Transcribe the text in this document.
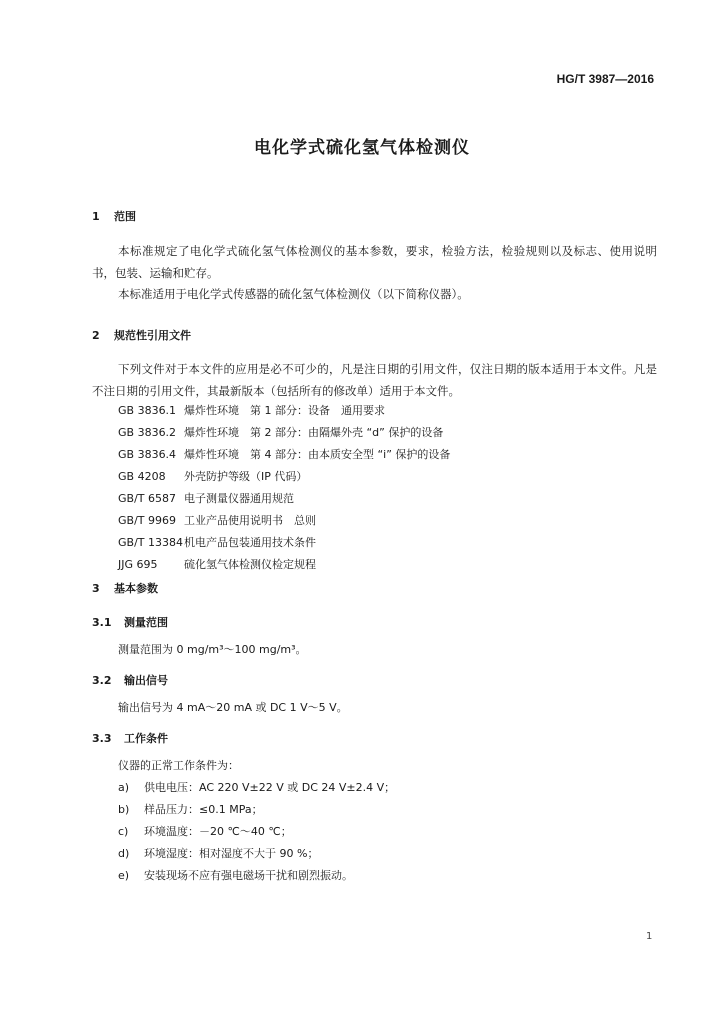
HG/T 3987—2016
电化学式硫化氢气体检测仪
1 范围

本标准规定了电化学式硫化氢气体检测仪的基本参数，要求，检验方法，检验规则以及标志、使用说明书，包装、运输和贮存。

本标准适用于电化学式传感器的硫化氢气体检测仪（以下简称仪器）。

2 规范性引用文件

下列文件对于本文件的应用是必不可少的，凡是注日期的引用文件，仅注日期的版本适用于本文件。凡是不注日期的引用文件，其最新版本（包括所有的修改单）适用于本文件。

GB 3836.1 爆炸性环境　第 1 部分：设备　通用要求
GB 3836.2 爆炸性环境　第 2 部分：由隔爆外壳 “d” 保护的设备
GB 3836.4 爆炸性环境　第 4 部分：由本质安全型 “i” 保护的设备
GB 4208 外壳防护等级（IP 代码）
GB/T 6587 电子测量仪器通用规范
GB/T 9969 工业产品使用说明书　总则
GB/T 13384机电产品包装通用技术条件
JJG 695 硫化氢气体检测仪检定规程
3 基本参数
3.1 测量范围
测量范围为 0 mg/m³～100 mg/m³。
3.2 输出信号
输出信号为 4 mA～20 mA 或 DC 1 V～5 V。
3.3 工作条件
仪器的正常工作条件为：
a) 供电电压：AC 220 V±22 V 或 DC 24 V±2.4 V；
b) 样品压力：≤0.1 MPa；
c) 环境温度：－20 ℃～40 ℃；
d) 环境湿度：相对湿度不大于 90 %；
e) 安装现场不应有强电磁场干扰和剧烈振动。
1
